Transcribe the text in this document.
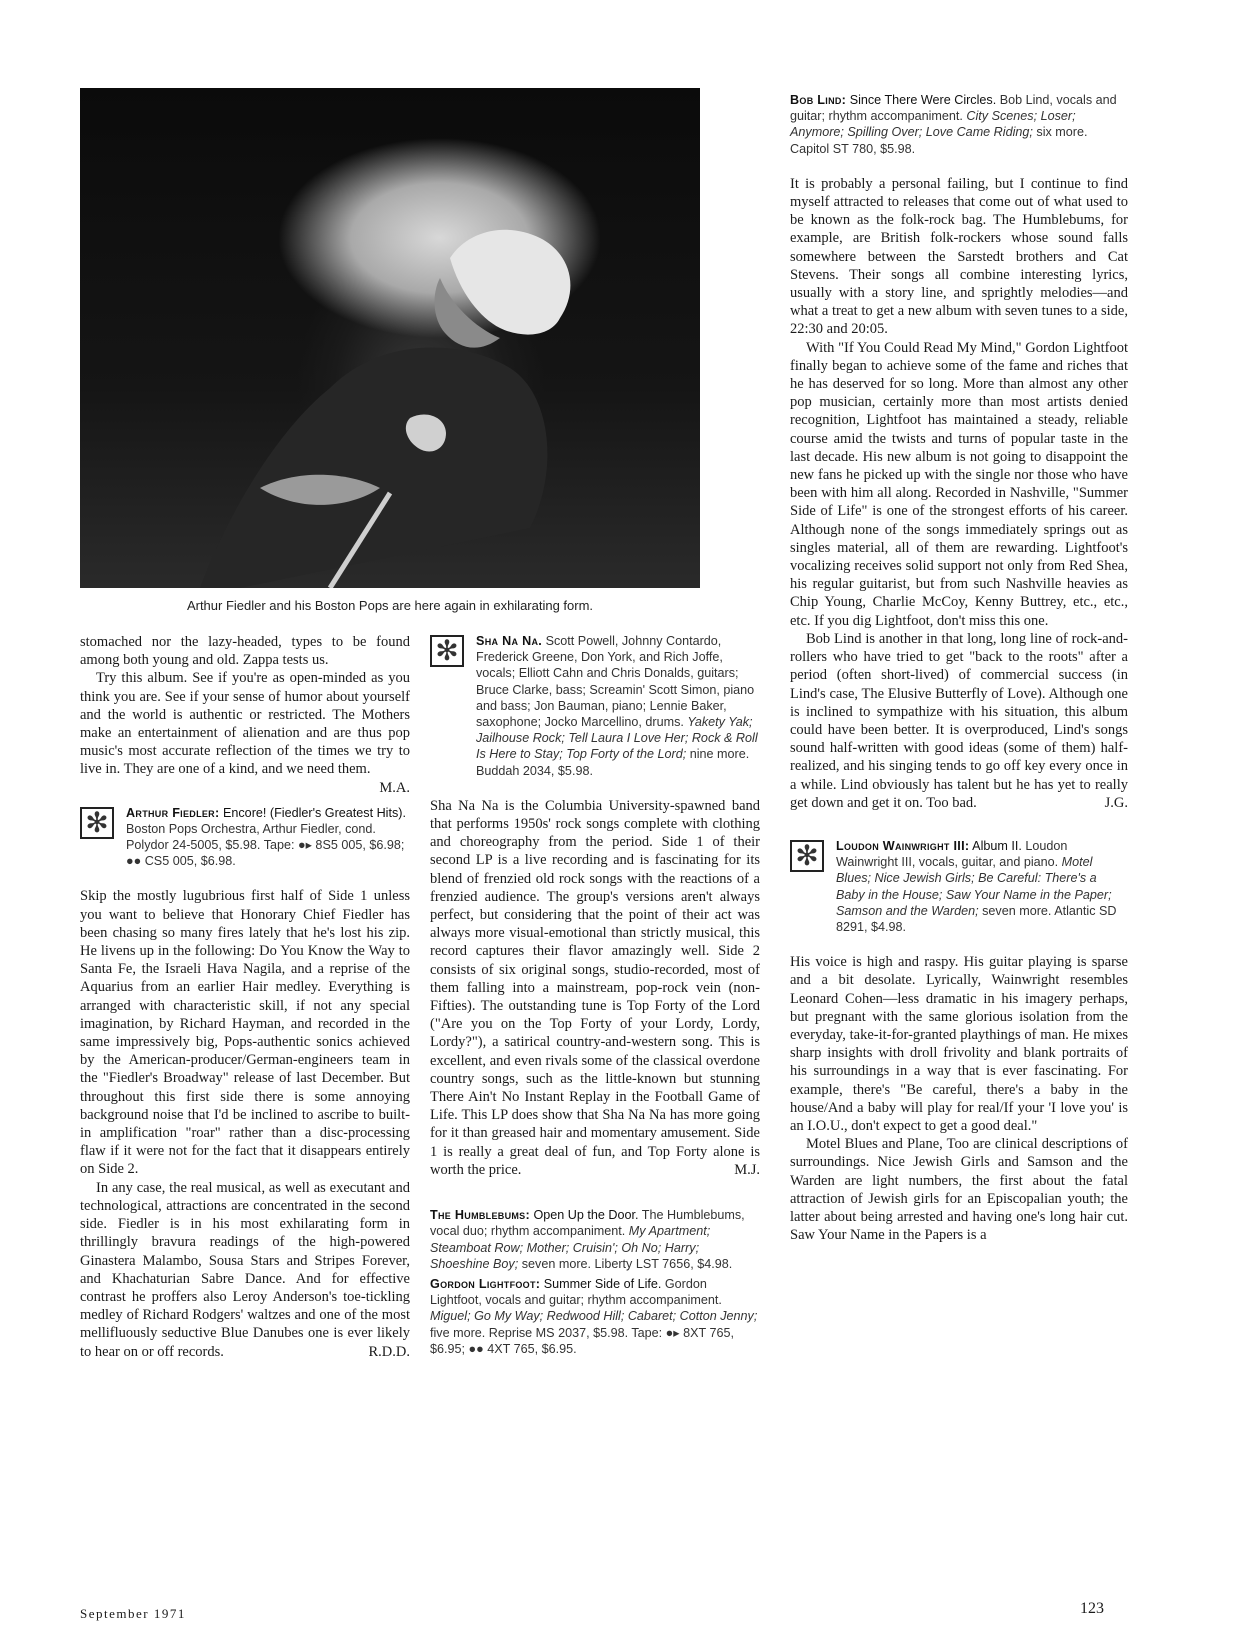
Arthur Fiedler and his Boston Pops are here again in exhilarating form.

stomached nor the lazy-headed, types to be found among both young and old. Zappa tests us.

Try this album. See if you're as open-minded as you think you are. See if your sense of humor about yourself and the world is authentic or restricted. The Mothers make an entertainment of alienation and are thus pop music's most accurate reflection of the times we try to live in. They are one of a kind, and we need them.
M.A.

✻	Arthur Fiedler: Encore! (Fiedler's Greatest Hits). Boston Pops Orchestra, Arthur Fiedler, cond. Polydor 24-5005, $5.98. Tape: ●▸ 8S5 005, $6.98; ●● CS5 005, $6.98.

Skip the mostly lugubrious first half of Side 1 unless you want to believe that Honorary Chief Fiedler has been chasing so many fires lately that he's lost his zip. He livens up in the following: Do You Know the Way to Santa Fe, the Israeli Hava Nagila, and a reprise of the Aquarius from an earlier Hair medley. Everything is arranged with characteristic skill, if not any special imagination, by Richard Hayman, and recorded in the same impressively big, Pops-authentic sonics achieved by the American-producer/German-engineers team in the "Fiedler's Broadway" release of last December. But throughout this first side there is some annoying background noise that I'd be inclined to ascribe to built-in amplification "roar" rather than a disc-processing flaw if it were not for the fact that it disappears entirely on Side 2.

In any case, the real musical, as well as executant and technological, attractions are concentrated in the second side. Fiedler is in his most exhilarating form in thrillingly bravura readings of the high-powered Ginastera Malambo, Sousa Stars and Stripes Forever, and Khachaturian Sabre Dance. And for effective contrast he proffers also Leroy Anderson's toe-tickling medley of Richard Rodgers' waltzes and one of the most mellifluously seductive Blue Danubes one is ever likely to hear on or off records.	R.D.D.

✻	Sha Na Na. Scott Powell, Johnny Contardo, Frederick Greene, Don York, and Rich Joffe, vocals; Elliott Cahn and Chris Donalds, guitars; Bruce Clarke, bass; Screamin' Scott Simon, piano and bass; Jon Bauman, piano; Lennie Baker, saxophone; Jocko Marcellino, drums. Yakety Yak; Jailhouse Rock; Tell Laura I Love Her; Rock & Roll Is Here to Stay; Top Forty of the Lord; nine more. Buddah 2034, $5.98.

Sha Na Na is the Columbia University-spawned band that performs 1950s' rock songs complete with clothing and choreography from the period. Side 1 of their second LP is a live recording and is fascinating for its blend of frenzied old rock songs with the reactions of a frenzied audience. The group's versions aren't always perfect, but considering that the point of their act was always more visual-emotional than strictly musical, this record captures their flavor amazingly well. Side 2 consists of six original songs, studio-recorded, most of them falling into a mainstream, pop-rock vein (non-Fifties). The outstanding tune is Top Forty of the Lord ("Are you on the Top Forty of your Lordy, Lordy, Lordy?"), a satirical country-and-western song. This is excellent, and even rivals some of the classical overdone country songs, such as the little-known but stunning There Ain't No Instant Replay in the Football Game of Life. This LP does show that Sha Na Na has more going for it than greased hair and momentary amusement. Side 1 is really a great deal of fun, and Top Forty alone is worth the price.	M.J.

The Humblebums: Open Up the Door. The Humblebums, vocal duo; rhythm accompaniment. My Apartment; Steamboat Row; Mother; Cruisin'; Oh No; Harry; Shoeshine Boy; seven more. Liberty LST 7656, $4.98.
Gordon Lightfoot: Summer Side of Life. Gordon Lightfoot, vocals and guitar; rhythm accompaniment. Miguel; Go My Way; Redwood Hill; Cabaret; Cotton Jenny; five more. Reprise MS 2037, $5.98. Tape: ●▸ 8XT 765, $6.95; ●● 4XT 765, $6.95.
Bob Lind: Since There Were Circles. Bob Lind, vocals and guitar; rhythm accompaniment. City Scenes; Loser; Anymore; Spilling Over; Love Came Riding; six more. Capitol ST 780, $5.98.

It is probably a personal failing, but I continue to find myself attracted to releases that come out of what used to be known as the folk-rock bag. The Humblebums, for example, are British folk-rockers whose sound falls somewhere between the Sarstedt brothers and Cat Stevens. Their songs all combine interesting lyrics, usually with a story line, and sprightly melodies—and what a treat to get a new album with seven tunes to a side, 22:30 and 20:05.

With "If You Could Read My Mind," Gordon Lightfoot finally began to achieve some of the fame and riches that he has deserved for so long. More than almost any other pop musician, certainly more than most artists denied recognition, Lightfoot has maintained a steady, reliable course amid the twists and turns of popular taste in the last decade. His new album is not going to disappoint the new fans he picked up with the single nor those who have been with him all along. Recorded in Nashville, "Summer Side of Life" is one of the strongest efforts of his career. Although none of the songs immediately springs out as singles material, all of them are rewarding. Lightfoot's vocalizing receives solid support not only from Red Shea, his regular guitarist, but from such Nashville heavies as Chip Young, Charlie McCoy, Kenny Buttrey, etc., etc., etc. If you dig Lightfoot, don't miss this one.

Bob Lind is another in that long, long line of rock-and-rollers who have tried to get "back to the roots" after a period (often short-lived) of commercial success (in Lind's case, The Elusive Butterfly of Love). Although one is inclined to sympathize with his situation, this album could have been better. It is overproduced, Lind's songs sound half-written with good ideas (some of them) half-realized, and his singing tends to go off key every once in a while. Lind obviously has talent but he has yet to really get down and get it on. Too bad.	J.G.

✻	Loudon Wainwright III: Album II. Loudon Wainwright III, vocals, guitar, and piano. Motel Blues; Nice Jewish Girls; Be Careful: There's a Baby in the House; Saw Your Name in the Paper; Samson and the Warden; seven more. Atlantic SD 8291, $4.98.

His voice is high and raspy. His guitar playing is sparse and a bit desolate. Lyrically, Wainwright resembles Leonard Cohen—less dramatic in his imagery perhaps, but pregnant with the same glorious isolation from the everyday, take-it-for-granted playthings of man. He mixes sharp insights with droll frivolity and blank portraits of his surroundings in a way that is ever fascinating. For example, there's "Be careful, there's a baby in the house/And a baby will play for real/If your 'I love you' is an I.O.U., don't expect to get a good deal."

Motel Blues and Plane, Too are clinical descriptions of surroundings. Nice Jewish Girls and Samson and the Warden are light numbers, the first about the fatal attraction of Jewish girls for an Episcopalian youth; the latter about being arrested and having one's long hair cut. Saw Your Name in the Papers is a

September 1971	123
